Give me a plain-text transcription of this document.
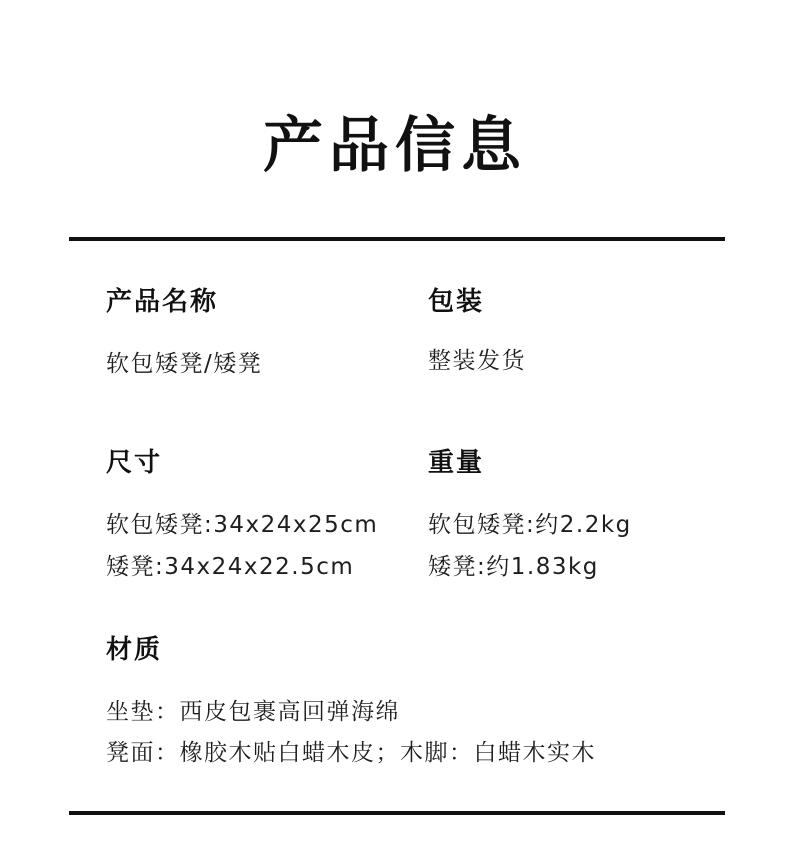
产品信息
产品名称
软包矮凳/矮凳
包装
整装发货
尺寸
软包矮凳:34x24x25cm
矮凳:34x24x22.5cm
重量
软包矮凳:约2.2kg
矮凳:约1.83kg
材质
坐垫：西皮包裹高回弹海绵
凳面：橡胶木贴白蜡木皮；木脚：白蜡木实木
